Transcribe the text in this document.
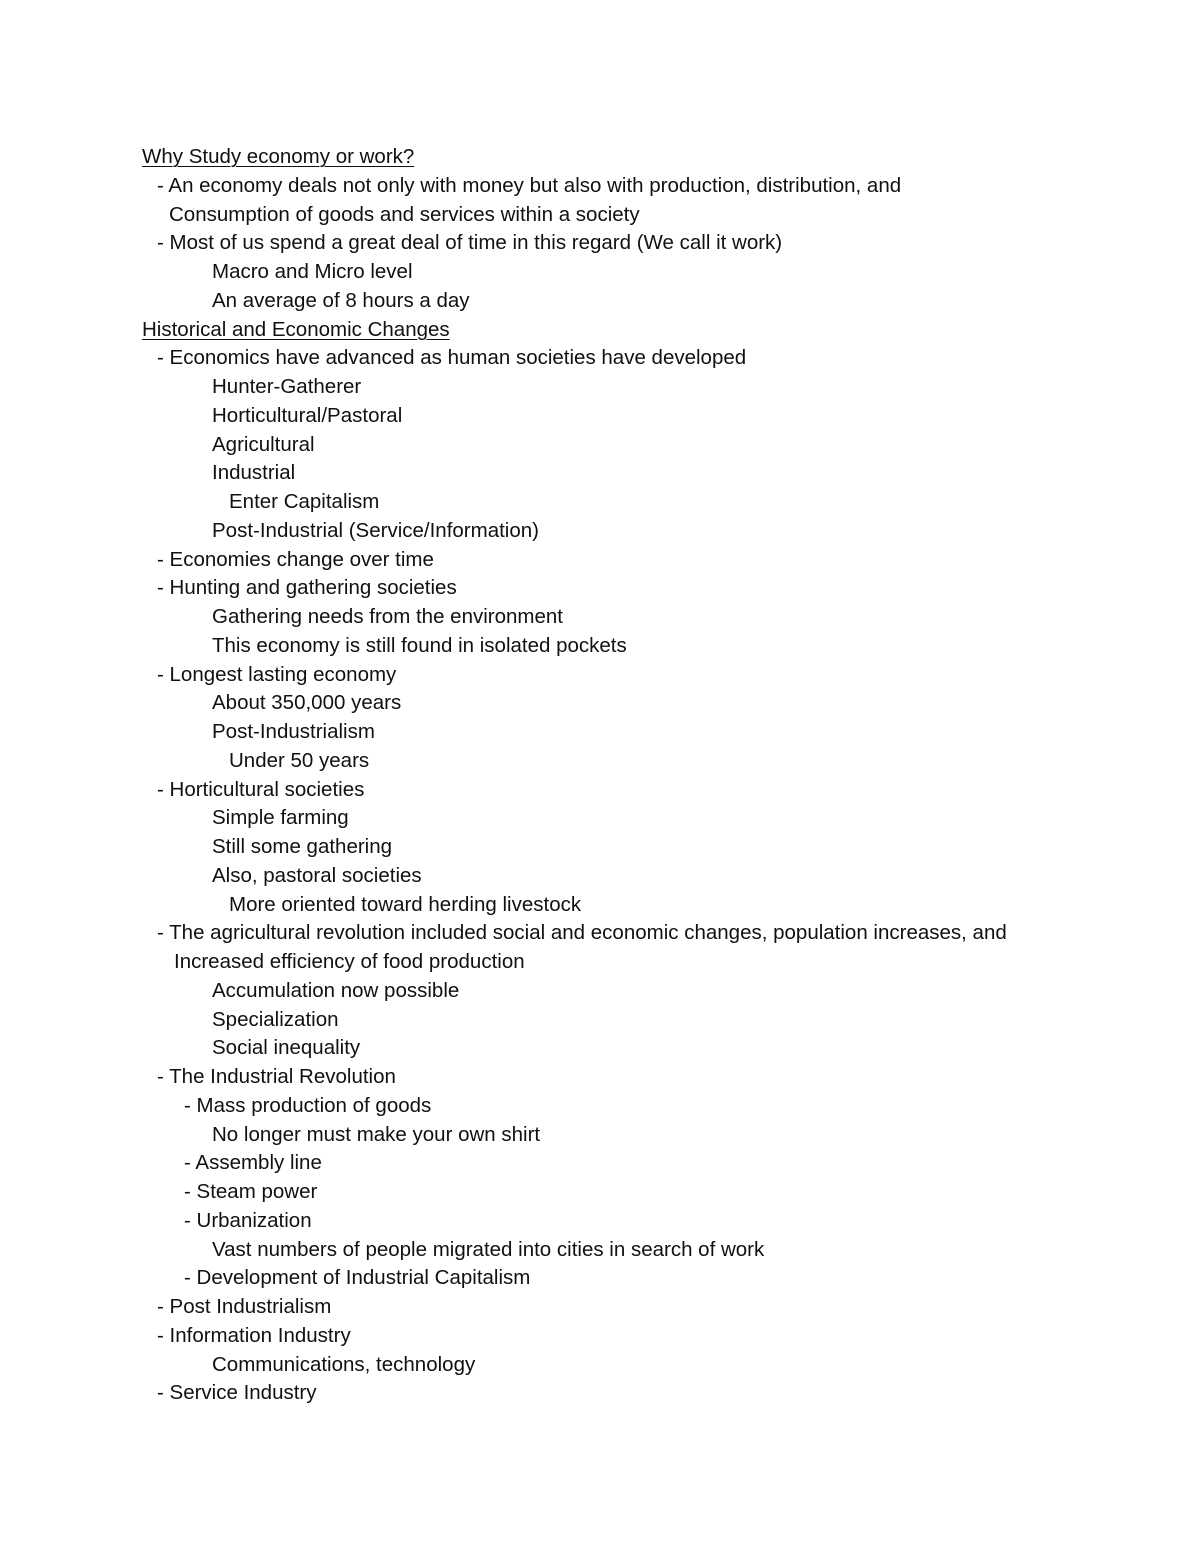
Why Study economy or work?
- An economy deals not only with money but also with production, distribution, and
Consumption of goods and services within a society
- Most of us spend a great deal of time in this regard (We call it work)
Macro and Micro level
An average of 8 hours a day
Historical and Economic Changes
- Economics have advanced as human societies have developed
Hunter-Gatherer
Horticultural/Pastoral
Agricultural
Industrial
Enter Capitalism
Post-Industrial (Service/Information)
- Economies change over time
- Hunting and gathering societies
Gathering needs from the environment
This economy is still found in isolated pockets
- Longest lasting economy
About 350,000 years
Post-Industrialism
Under 50 years
- Horticultural societies
Simple farming
Still some gathering
Also, pastoral societies
More oriented toward herding livestock
- The agricultural revolution included social and economic changes, population increases, and
Increased efficiency of food production
Accumulation now possible
Specialization
Social inequality
- The Industrial Revolution
- Mass production of goods
No longer must make your own shirt
- Assembly line
- Steam power
- Urbanization
Vast numbers of people migrated into cities in search of work
- Development of Industrial Capitalism
- Post Industrialism
- Information Industry
Communications, technology
- Service Industry
